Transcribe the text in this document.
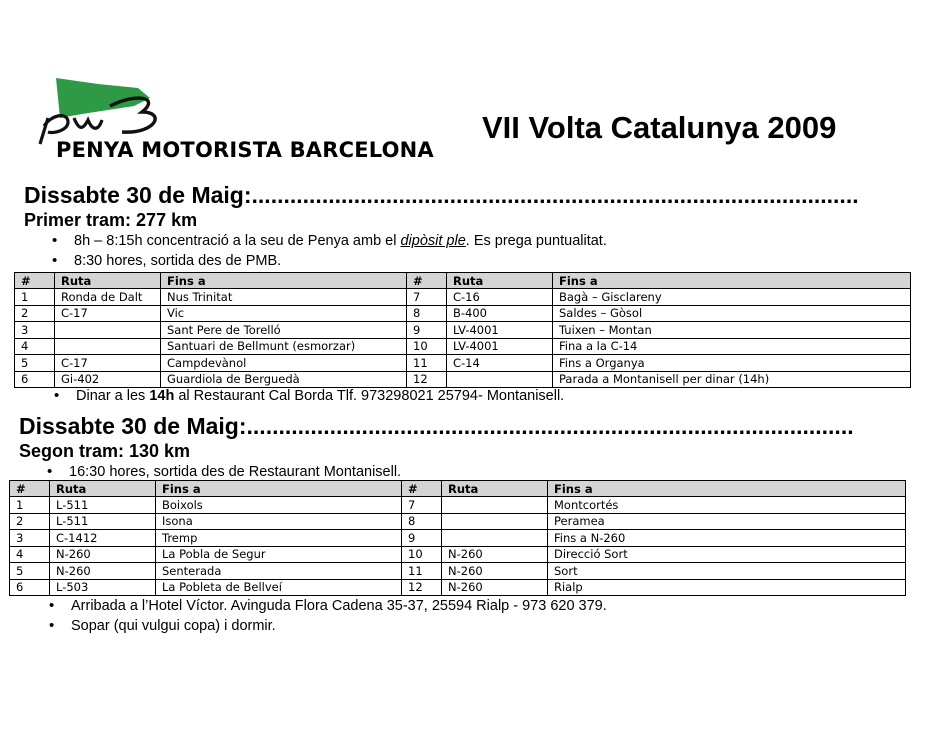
PENYA MOTORISTA BARCELONA
VII Volta Catalunya 2009
Dissabte 30 de Maig:...............................................................................................
Primer tram: 277 km
• 8h – 8:15h concentració a la seu de Penya amb el dipòsit ple. Es prega puntualitat.
• 8:30 hores, sortida des de PMB.
#	Ruta	Fins a	#	Ruta	Fins a
1	Ronda de Dalt	Nus Trinitat	7	C-16	Bagà – Gisclareny
2	C-17	Vic	8	B-400	Saldes – Gòsol
3		Sant Pere de Torelló	9	LV-4001	Tuixen – Montan
4		Santuari de Bellmunt (esmorzar)	10	LV-4001	Fina a la C-14
5	C-17	Campdevànol	11	C-14	Fins a Organya
6	Gi-402	Guardiola de Berguedà	12		Parada a Montanisell per dinar (14h)
• Dinar a les 14h al Restaurant Cal Borda Tlf. 973298021 25794- Montanisell.
Dissabte 30 de Maig:...............................................................................................
Segon tram: 130 km
• 16:30 hores, sortida des de Restaurant Montanisell.
#	Ruta	Fins a	#	Ruta	Fins a
1	L-511	Boixols	7		Montcortés
2	L-511	Isona	8		Peramea
3	C-1412	Tremp	9		Fins a N-260
4	N-260	La Pobla de Segur	10	N-260	Direcció Sort
5	N-260	Senterada	11	N-260	Sort
6	L-503	La Pobleta de Bellveí	12	N-260	Rialp
• Arribada a l’Hotel Víctor. Avinguda Flora Cadena 35-37, 25594 Rialp - 973 620 379.
• Sopar (qui vulgui copa) i dormir.
